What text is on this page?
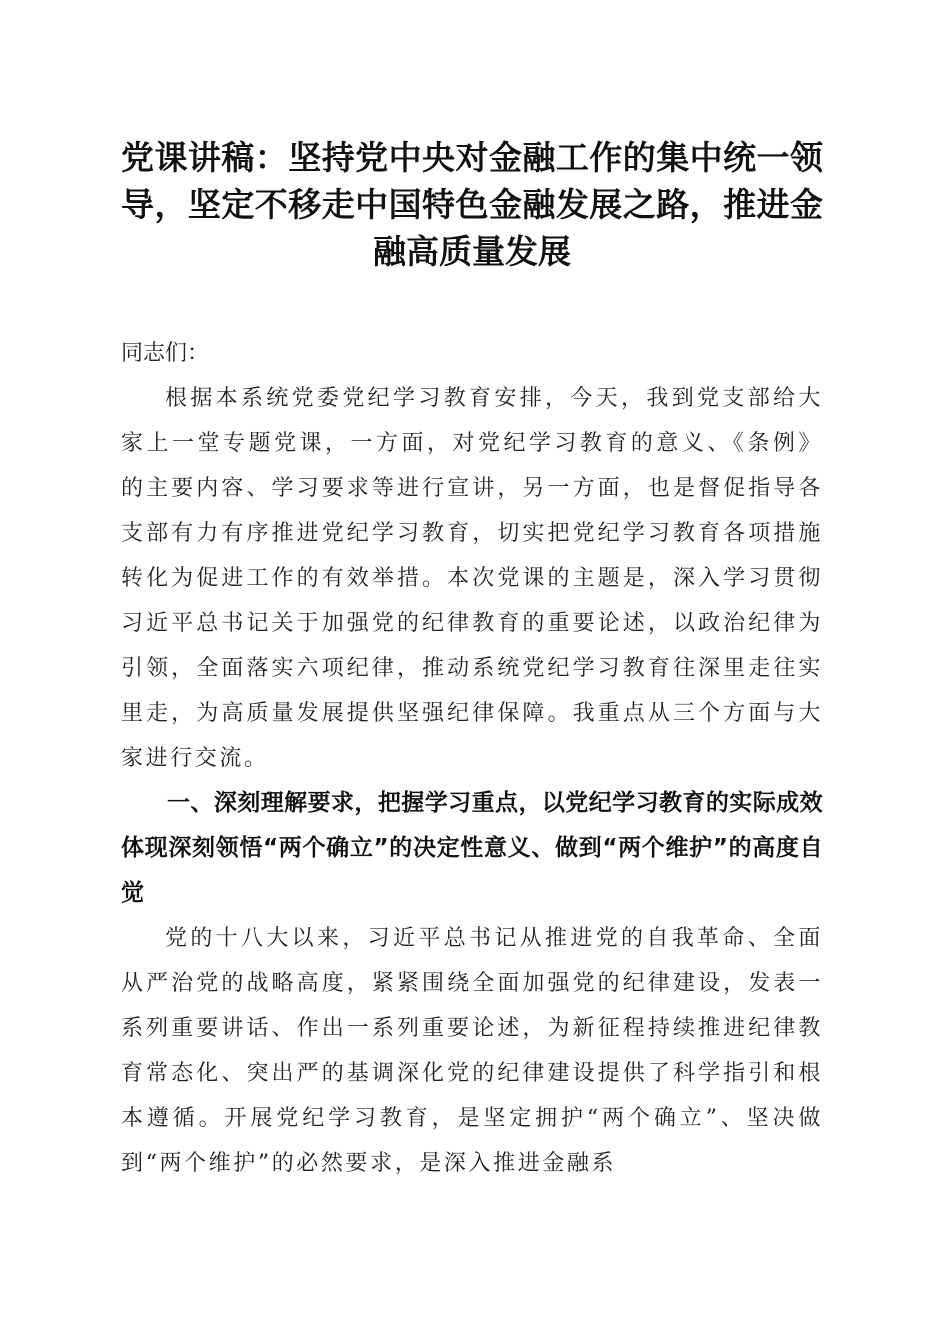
党课讲稿：坚持党中央对金融工作的集中统一领导，坚定不移走中国特色金融发展之路，推进金融高质量发展

同志们：

根据本系统党委党纪学习教育安排，今天，我到党支部给大家上一堂专题党课，一方面，对党纪学习教育的意义、《条例》的主要内容、学习要求等进行宣讲，另一方面，也是督促指导各支部有力有序推进党纪学习教育，切实把党纪学习教育各项措施转化为促进工作的有效举措。本次党课的主题是，深入学习贯彻习近平总书记关于加强党的纪律教育的重要论述，以政治纪律为引领，全面落实六项纪律，推动系统党纪学习教育往深里走往实里走，为高质量发展提供坚强纪律保障。我重点从三个方面与大家进行交流。

一、深刻理解要求，把握学习重点，以党纪学习教育的实际成效体现深刻领悟“两个确立”的决定性意义、做到“两个维护”的高度自觉

党的十八大以来，习近平总书记从推进党的自我革命、全面从严治党的战略高度，紧紧围绕全面加强党的纪律建设，发表一系列重要讲话、作出一系列重要论述，为新征程持续推进纪律教育常态化、突出严的基调深化党的纪律建设提供了科学指引和根本遵循。开展党纪学习教育，是坚定拥护“两个确立”、坚决做到“两个维护”的必然要求，是深入推进金融系
